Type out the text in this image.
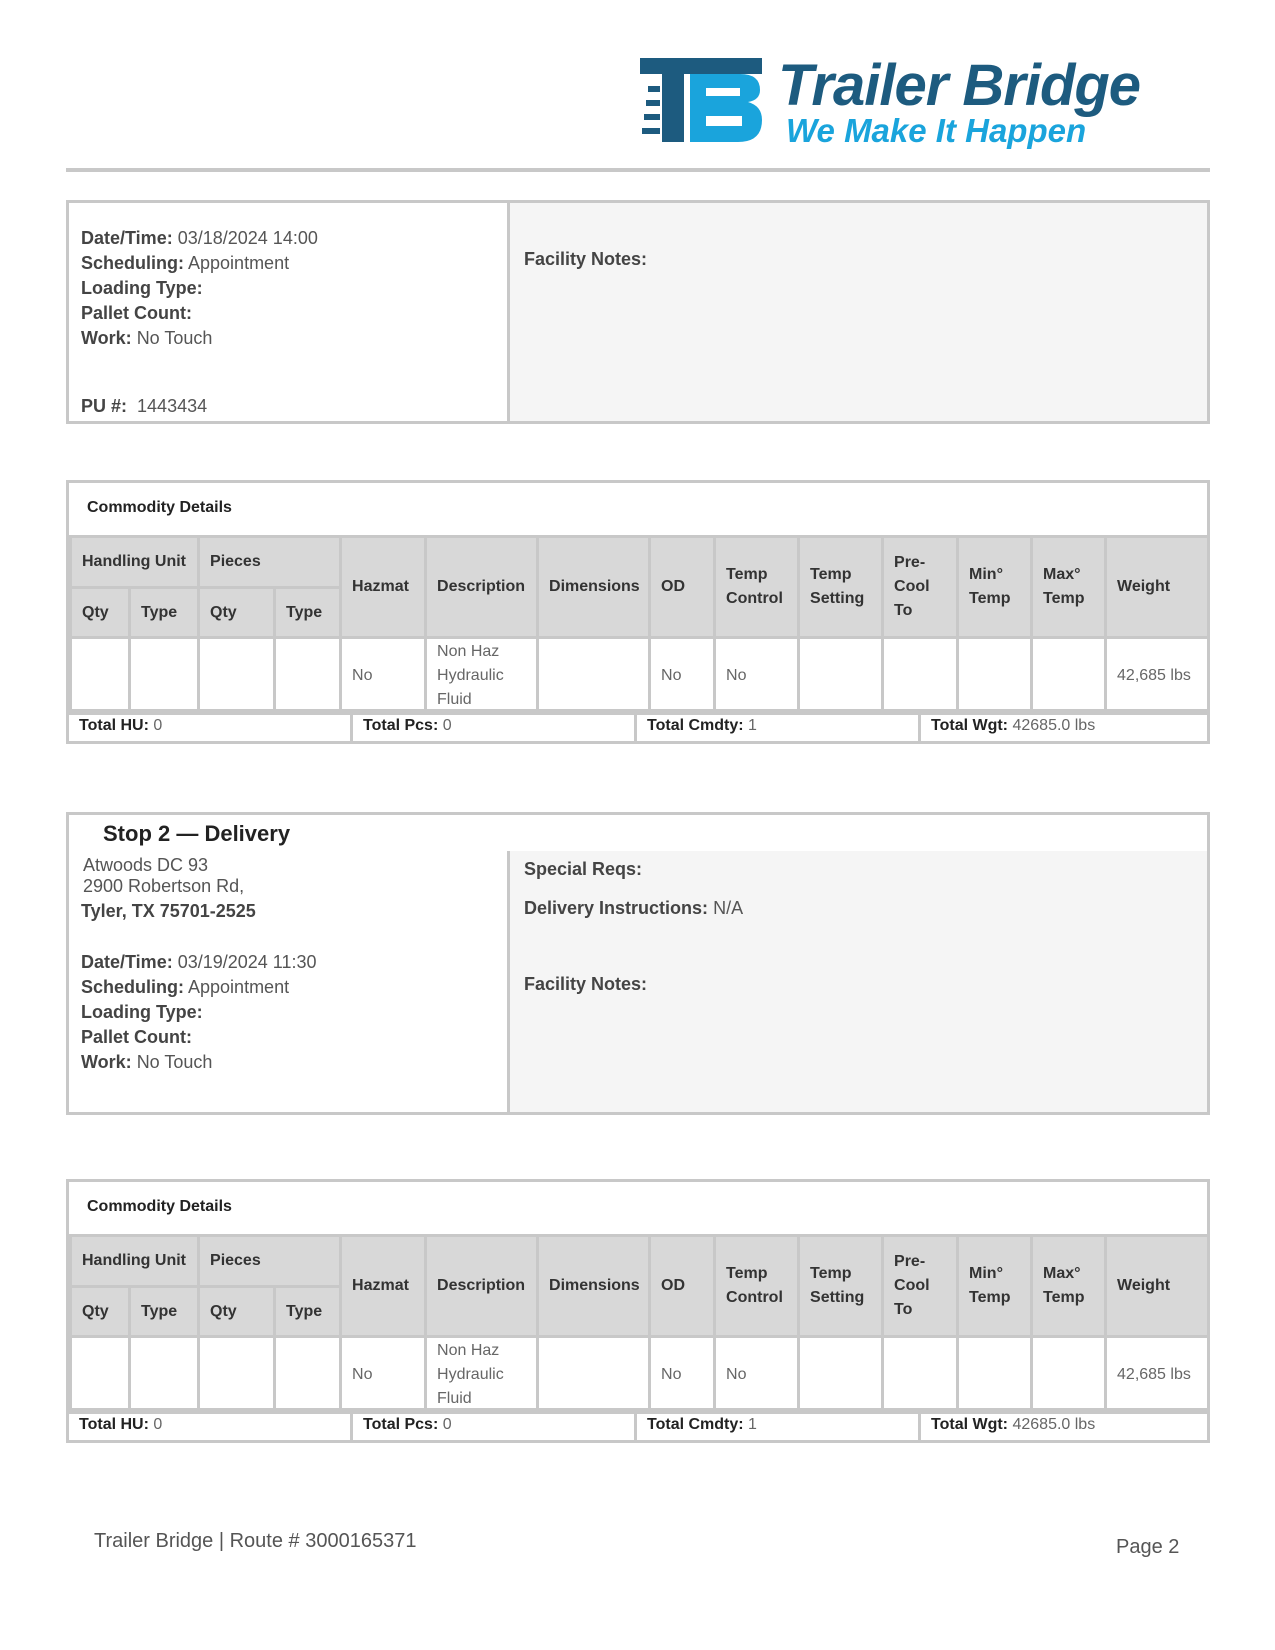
Trailer Bridge
We Make It Happen
Date/Time: 03/18/2024 14:00
Scheduling: Appointment
Loading Type:
Pallet Count:
Work: No Touch
PU #: 1443434
Facility Notes:
Commodity Details
Handling Unit		Pieces		Hazmat	Description	Dimensions	OD	Temp Control	Temp Setting	Pre-Cool To	Min° Temp	Max° Temp	Weight
Qty	Type	Qty	Type										
				No	Non Haz Hydraulic Fluid		No	No					42,685 lbs
Total HU: 0	Total Pcs: 0	Total Cmdty: 1	Total Wgt: 42685.0 lbs
Stop 2 — Delivery
Atwoods DC 93
2900 Robertson Rd,
Tyler, TX 75701-2525
Date/Time: 03/19/2024 11:30
Scheduling: Appointment
Loading Type:
Pallet Count:
Work: No Touch
Special Reqs:
Delivery Instructions: N/A
Facility Notes:
Commodity Details
Handling Unit		Pieces		Hazmat	Description	Dimensions	OD	Temp Control	Temp Setting	Pre-Cool To	Min° Temp	Max° Temp	Weight
Qty	Type	Qty	Type										
				No	Non Haz Hydraulic Fluid		No	No					42,685 lbs
Total HU: 0	Total Pcs: 0	Total Cmdty: 1	Total Wgt: 42685.0 lbs
Trailer Bridge | Route # 3000165371	Page 2
